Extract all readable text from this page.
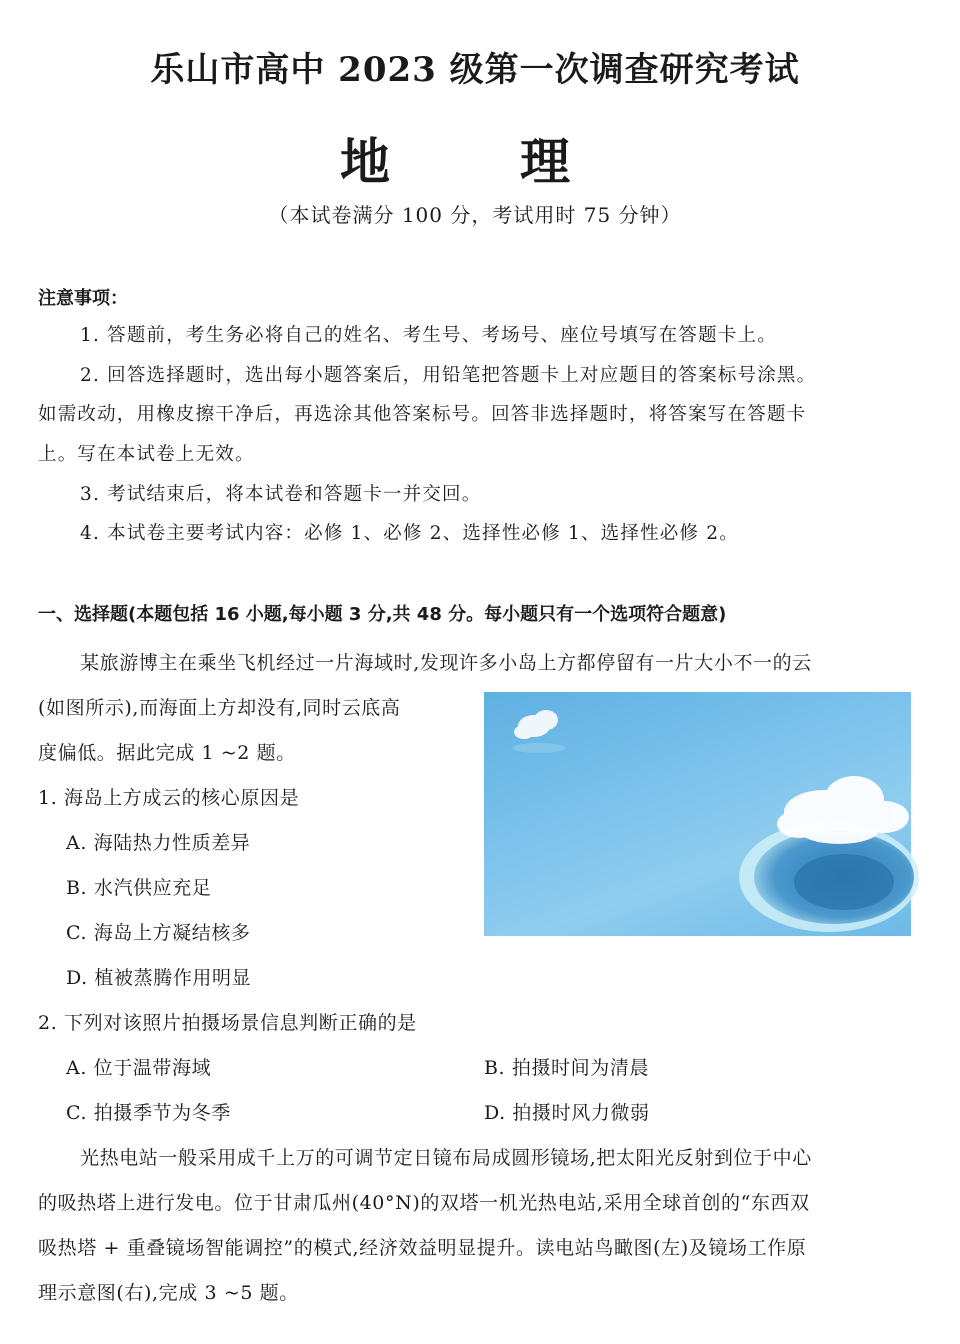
乐山市高中 2023 级第一次调查研究考试
地　理
（本试卷满分 100 分，考试用时 75 分钟）
注意事项：
1. 答题前，考生务必将自己的姓名、考生号、考场号、座位号填写在答题卡上。
2. 回答选择题时，选出每小题答案后，用铅笔把答题卡上对应题目的答案标号涂黑。
如需改动，用橡皮擦干净后，再选涂其他答案标号。回答非选择题时，将答案写在答题卡
上。写在本试卷上无效。
3. 考试结束后，将本试卷和答题卡一并交回。
4. 本试卷主要考试内容：必修 1、必修 2、选择性必修 1、选择性必修 2。
一、选择题(本题包括 16 小题,每小题 3 分,共 48 分。每小题只有一个选项符合题意)
某旅游博主在乘坐飞机经过一片海域时,发现许多小岛上方都停留有一片大小不一的云
(如图所示),而海面上方却没有,同时云底高
度偏低。据此完成 1 ~2 题。
1. 海岛上方成云的核心原因是
A. 海陆热力性质差异
B. 水汽供应充足
C. 海岛上方凝结核多
D. 植被蒸腾作用明显
2. 下列对该照片拍摄场景信息判断正确的是
A. 位于温带海域	B. 拍摄时间为清晨
C. 拍摄季节为冬季	D. 拍摄时风力微弱
光热电站一般采用成千上万的可调节定日镜布局成圆形镜场,把太阳光反射到位于中心
的吸热塔上进行发电。位于甘肃瓜州(40°N)的双塔一机光热电站,采用全球首创的“东西双
吸热塔 + 重叠镜场智能调控”的模式,经济效益明显提升。读电站鸟瞰图(左)及镜场工作原
理示意图(右),完成 3 ~5 题。
